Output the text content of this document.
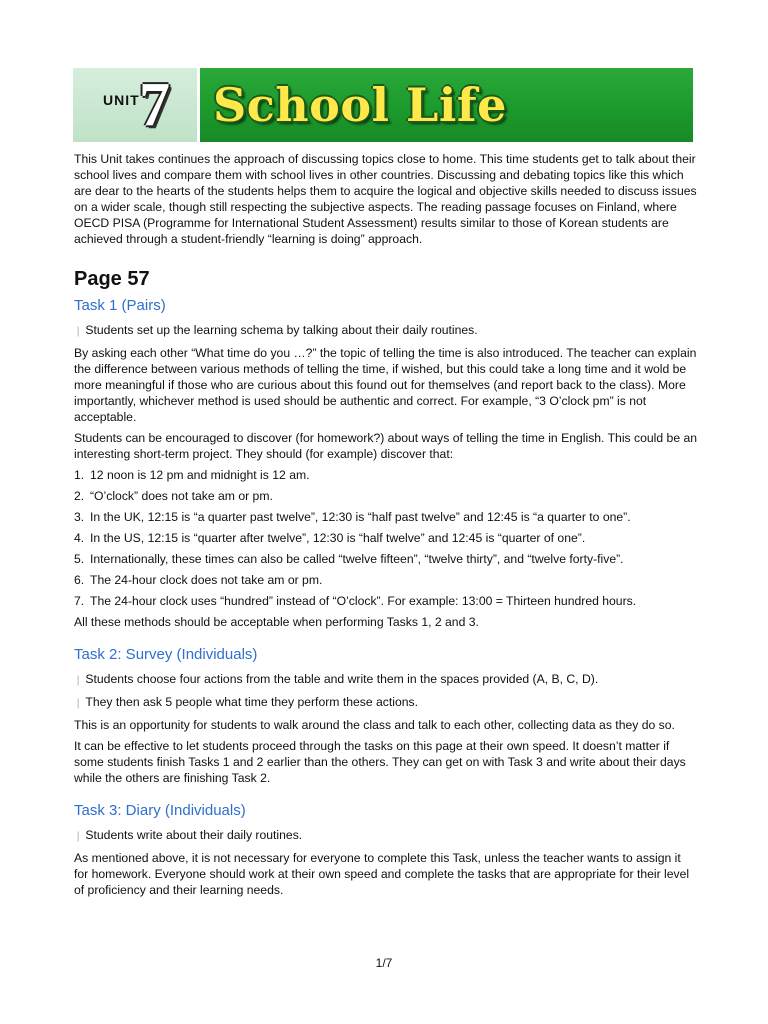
UNIT 7 School Life

This Unit takes continues the approach of discussing topics close to home. This time students get to talk about their school lives and compare them with school lives in other countries. Discussing and debating topics like this which are dear to the hearts of the students helps them to acquire the logical and objective skills needed to discuss issues on a wider scale, though still respecting the subjective aspects. The reading passage focuses on Finland, where OECD PISA (Programme for International Student Assessment) results similar to those of Korean students are achieved through a student-friendly “learning is doing” approach.

Page 57
Task 1 (Pairs)

❘ Students set up the learning schema by talking about their daily routines.

By asking each other “What time do you …?” the topic of telling the time is also introduced. The teacher can explain the difference between various methods of telling the time, if wished, but this could take a long time and it wold be more meaningful if those who are curious about this found out for themselves (and report back to the class). More importantly, whichever method is used should be authentic and correct. For example, “3 O’clock pm” is not acceptable.

Students can be encouraged to discover (for homework?) about ways of telling the time in English. This could be an interesting short-term project. They should (for example) discover that:

1. 12 noon is 12 pm and midnight is 12 am.
2. “O’clock” does not take am or pm.
3. In the UK, 12:15 is “a quarter past twelve”, 12:30 is “half past twelve” and 12:45 is “a quarter to one”.
4. In the US, 12:15 is “quarter after twelve”, 12:30 is “half twelve” and 12:45 is “quarter of one”.
5. Internationally, these times can also be called “twelve fifteen”, “twelve thirty”, and “twelve forty-five”.
6. The 24-hour clock does not take am or pm.
7. The 24-hour clock uses “hundred” instead of “O’clock”. For example: 13:00 = Thirteen hundred hours.

All these methods should be acceptable when performing Tasks 1, 2 and 3.

Task 2: Survey (Individuals)

❘ Students choose four actions from the table and write them in the spaces provided (A, B, C, D).

❘ They then ask 5 people what time they perform these actions.

This is an opportunity for students to walk around the class and talk to each other, collecting data as they do so.

It can be effective to let students proceed through the tasks on this page at their own speed. It doesn’t matter if some students finish Tasks 1 and 2 earlier than the others. They can get on with Task 3 and write about their days while the others are finishing Task 2.

Task 3: Diary (Individuals)

❘ Students write about their daily routines.

As mentioned above, it is not necessary for everyone to complete this Task, unless the teacher wants to assign it for homework. Everyone should work at their own speed and complete the tasks that are appropriate for their level of proficiency and their learning needs.

1/7
